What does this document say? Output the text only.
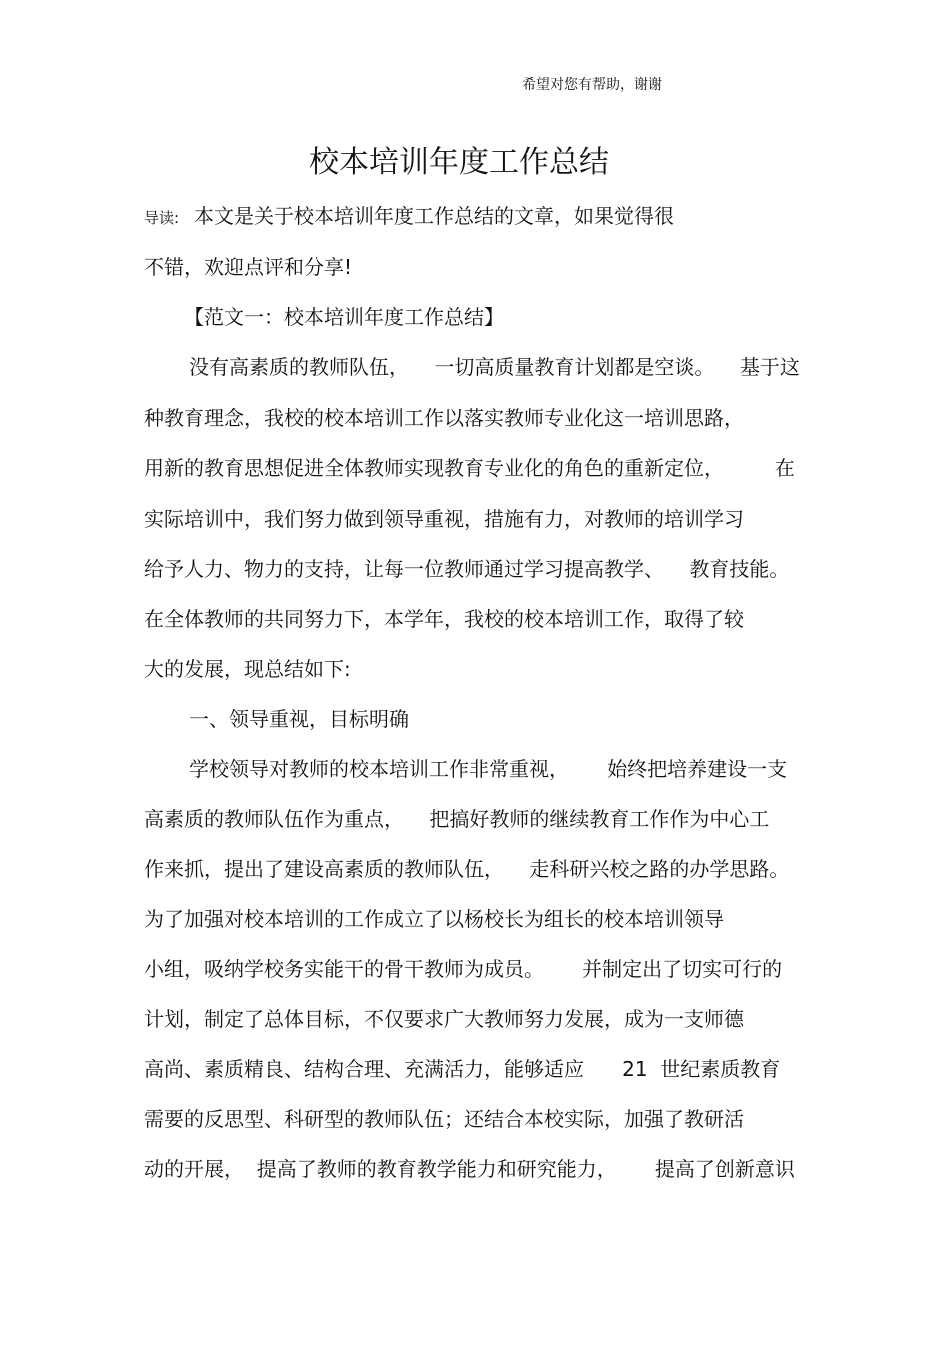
希望对您有帮助，谢谢
校本培训年度工作总结
导读: 本文是关于校本培训年度工作总结的文章，如果觉得很
不错，欢迎点评和分享!
【范文一：校本培训年度工作总结】
没有高素质的教师队伍，    一切高质量教育计划都是空谈。    基于这
种教育理念，我校的校本培训工作以落实教师专业化这一培训思路，
用新的教育思想促进全体教师实现教育专业化的角色的重新定位，        在
实际培训中，我们努力做到领导重视，措施有力，对教师的培训学习
给予人力、物力的支持，让每一位教师通过学习提高教学、    教育技能。
在全体教师的共同努力下，本学年，我校的校本培训工作，取得了较
大的发展，现总结如下:
一、领导重视，目标明确
学校领导对教师的校本培训工作非常重视，      始终把培养建设一支
高素质的教师队伍作为重点，    把搞好教师的继续教育工作作为中心工
作来抓，提出了建设高素质的教师队伍，    走科研兴校之路的办学思路。
为了加强对校本培训的工作成立了以杨校长为组长的校本培训领导
小组，吸纳学校务实能干的骨干教师为成员。      并制定出了切实可行的
计划，制定了总体目标，不仅要求广大教师努力发展，成为一支师德
高尚、素质精良、结构合理、充满活力，能够适应      21  世纪素质教育
需要的反思型、科研型的教师队伍；还结合本校实际，加强了教研活
动的开展，  提高了教师的教育教学能力和研究能力，      提高了创新意识
